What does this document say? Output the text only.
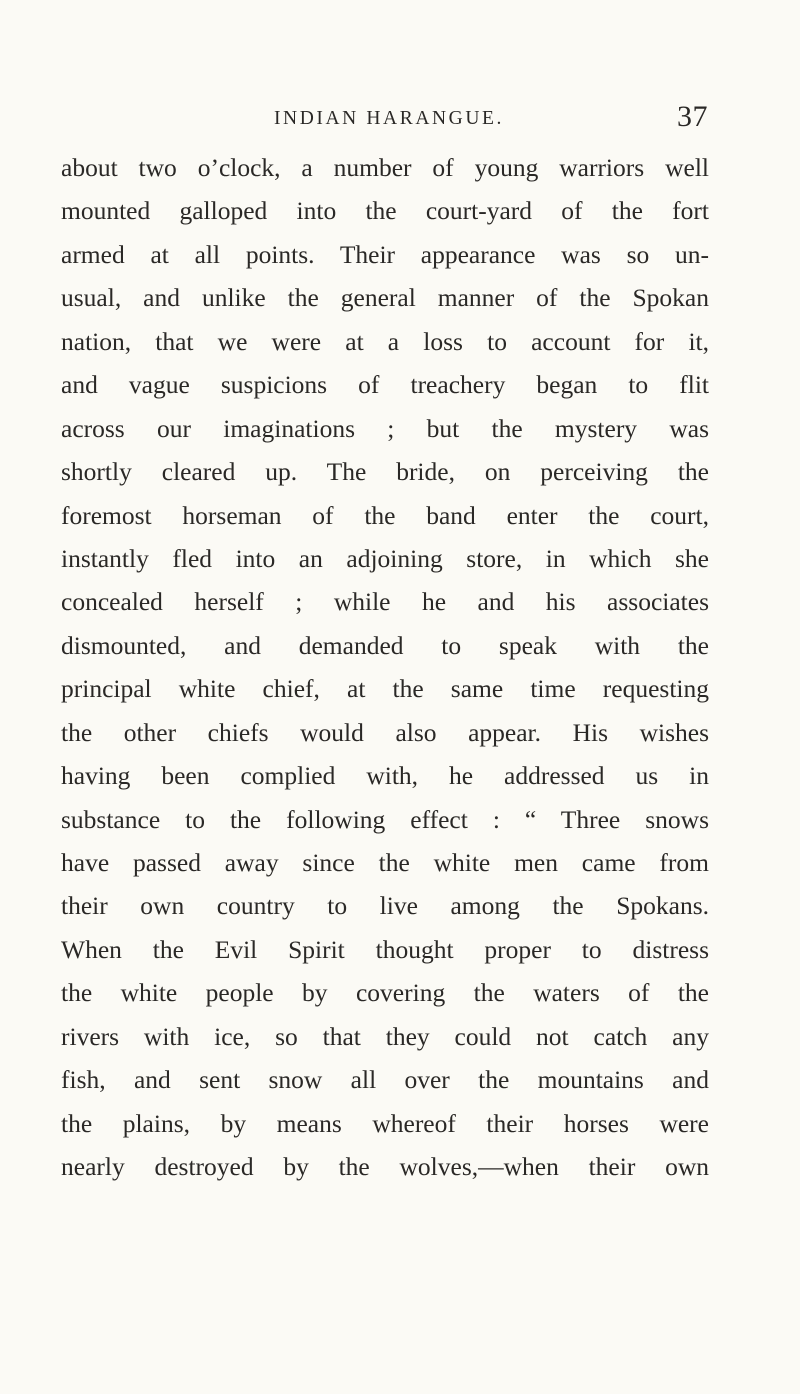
INDIAN HARANGUE.	37
about two o’clock, a number of young warriors well
mounted galloped into the court-yard of the fort
armed at all points. Their appearance was so un-
usual, and unlike the general manner of the Spokan
nation, that we were at a loss to account for it,
and vague suspicions of treachery began to flit
across our imaginations ; but the mystery was
shortly cleared up. The bride, on perceiving the
foremost horseman of the band enter the court,
instantly fled into an adjoining store, in which she
concealed herself ; while he and his associates
dismounted, and demanded to speak with the
principal white chief, at the same time requesting
the other chiefs would also appear. His wishes
having been complied with, he addressed us in
substance to the following effect : “ Three snows
have passed away since the white men came from
their own country to live among the Spokans.
When the Evil Spirit thought proper to distress
the white people by covering the waters of the
rivers with ice, so that they could not catch any
fish, and sent snow all over the mountains and
the plains, by means whereof their horses were
nearly destroyed by the wolves,—when their own
